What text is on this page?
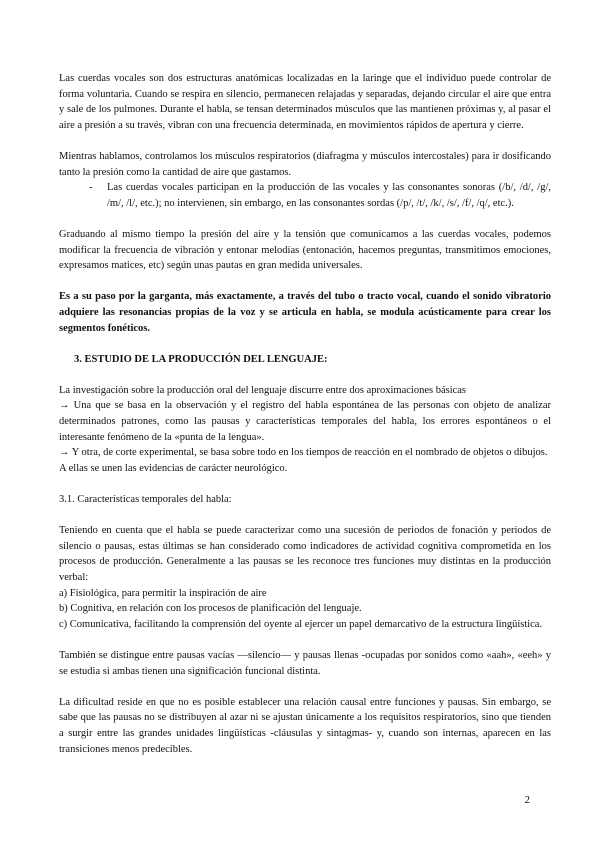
Las cuerdas vocales son dos estructuras anatómicas localizadas en la laringe que el individuo puede controlar de forma voluntaria. Cuando se respira en silencio, permanecen relajadas y separadas, dejando circular el aire que entra y sale de los pulmones. Durante el habla, se tensan determinados músculos que las mantienen próximas y, al pasar el aire a presión a su través, vibran con una frecuencia determinada, en movimientos rápidos de apertura y cierre.

Mientras hablamos, controlamos los músculos respiratorios (diafragma y músculos intercostales) para ir dosificando tanto la presión como la cantidad de aire que gastamos.

-	Las cuerdas vocales participan en la producción de las vocales y las consonantes sonoras (/b/, /d/, /g/, /m/, /l/, etc.); no intervienen, sin embargo, en las consonantes sordas (/p/, /t/, /k/, /s/, /f/, /q/, etc.).

Graduando al mismo tiempo la presión del aire y la tensión que comunicamos a las cuerdas vocales, podemos modificar la frecuencia de vibración y entonar melodías (entonación, hacemos preguntas, transmitimos emociones, expresamos matices, etc) según unas pautas en gran medida universales.

Es a su paso por la garganta, más exactamente, a través del tubo o tracto vocal, cuando el sonido vibratorio adquiere las resonancias propias de la voz y se articula en habla, se modula acústicamente para crear los segmentos fonéticos.

3. ESTUDIO DE LA PRODUCCIÓN DEL LENGUAJE:

La investigación sobre la producción oral del lenguaje discurre entre dos aproximaciones básicas

→ Una que se basa en la observación y el registro del habla espontánea de las personas con objeto de analizar determinados patrones, como las pausas y características temporales del habla, los errores espontáneos o el interesante fenómeno de la «punta de la lengua».

→ Y otra, de corte experimental, se basa sobre todo en los tiempos de reacción en el nombrado de objetos o dibujos.

A ellas se unen las evidencias de carácter neurológico.

3.1. Características temporales del habla:

Teniendo en cuenta que el habla se puede caracterizar como una sucesión de periodos de fonación y periodos de silencio o pausas, estas últimas se han considerado como indicadores de actividad cognitiva comprometida en los procesos de producción. Generalmente a las pausas se les reconoce tres funciones muy distintas en la producción verbal:

a) Fisiológica, para permitir la inspiración de aire

b) Cognitiva, en relación con los procesos de planificación del lenguaje.

c) Comunicativa, facilitando la comprensión del oyente al ejercer un papel demarcativo de la estructura lingüística.

También se distingue entre pausas vacías —silencio— y pausas llenas -ocupadas por sonidos como «aah», «eeh» y se estudia si ambas tienen una significación funcional distinta.

La dificultad reside en que no es posible establecer una relación causal entre funciones y pausas. Sin embargo, se sabe que las pausas no se distribuyen al azar ni se ajustan únicamente a los requisitos respiratorios, sino que tienden a surgir entre las grandes unidades lingüísticas -cláusulas y sintagmas- y, cuando son internas, aparecen en las transiciones menos predecibles.

2
